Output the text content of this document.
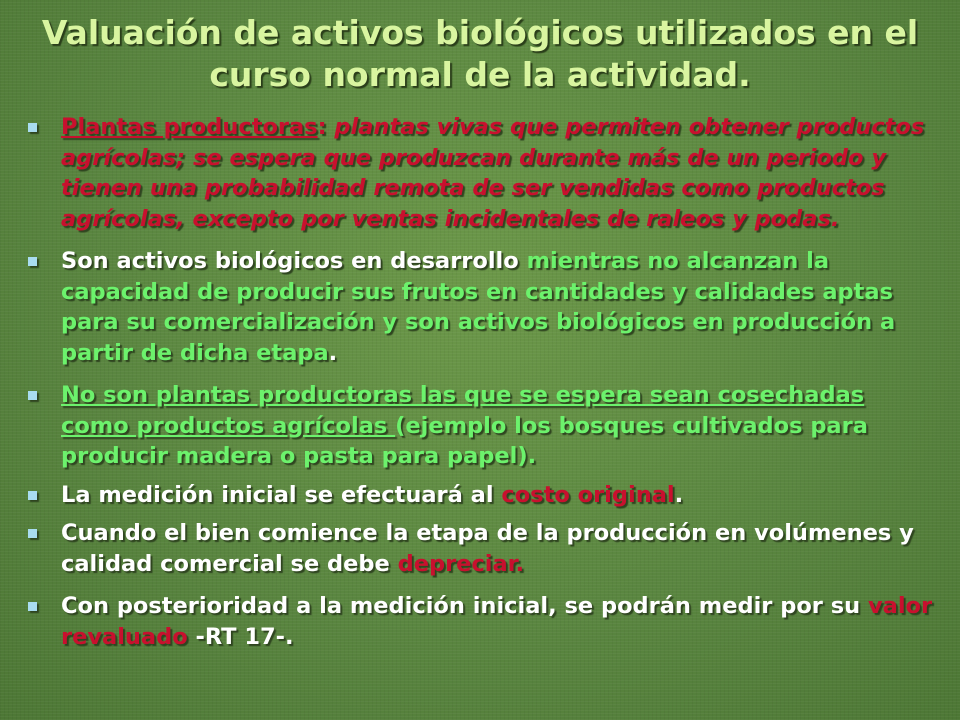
Valuación de activos biológicos utilizados en el curso normal de la actividad.
Plantas productoras: plantas vivas que permiten obtener productos agrícolas; se espera que produzcan durante más de un periodo y tienen una probabilidad remota de ser vendidas como productos agrícolas, excepto por ventas incidentales de raleos y podas.
Son activos biológicos en desarrollo mientras no alcanzan la capacidad de producir sus frutos en cantidades y calidades aptas para su comercialización y son activos biológicos en producción a partir de dicha etapa.
No son plantas productoras las que se espera sean cosechadas como productos agrícolas (ejemplo los bosques cultivados para producir madera o pasta para papel).
La medición inicial se efectuará al costo original.
Cuando el bien comience la etapa de la producción en volúmenes y calidad comercial se debe depreciar.
Con posterioridad a la medición inicial, se podrán medir por su valor revaluado -RT 17-.
